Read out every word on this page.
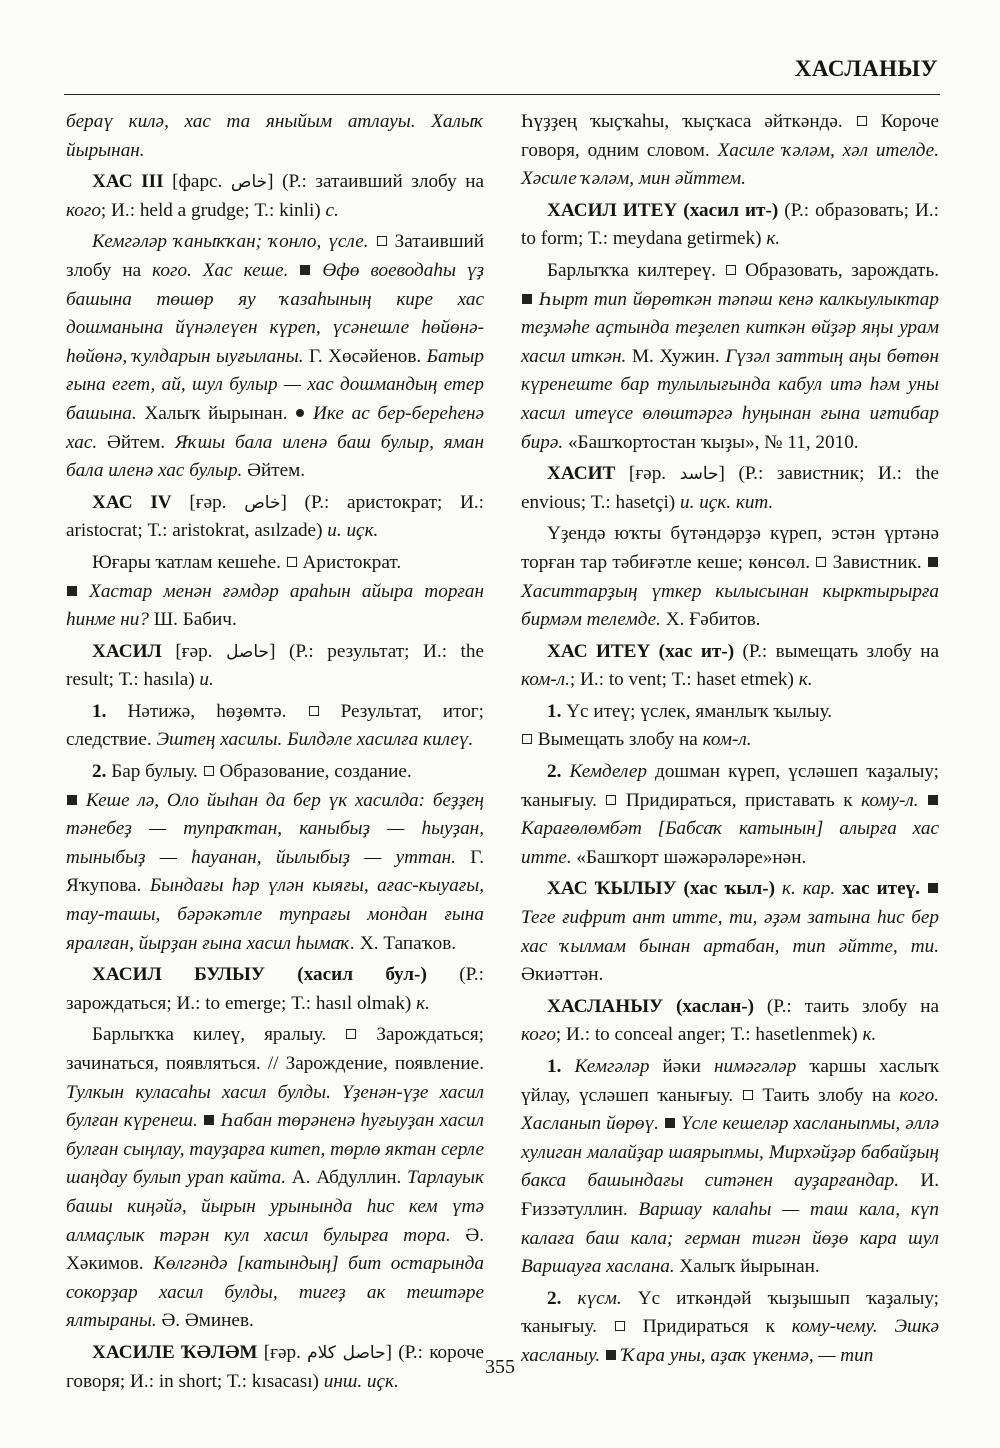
ХАСЛАНЫУ

бераү килә, хас та яныйым атлауы. Халыҡ йырынан.

ХАС III [фарс. خاص] (Р.: затаивший злобу на кого; И.: held a grudge; Т.: kinli) с.

Кемгәләр ҡаныҡҡан; ҡонло, үсле. Затаивший злобу на кого. Хас кеше. Өфө воеводаһы үҙ башына төшөр яу ҡазаһының кире хас дошманына йүнәлеүен күреп, үсәнешле һөйөнә-һөйөнә, ҡулдарын ыуғыланы. Г. Хөсәйенов. Батыр ғына егет, ай, шул булыр — хас дошмандың етер башына. Халыҡ йырынан. Ике ас бер-береһенә хас. Әйтем. Яҡшы бала иленә баш булыр, яман бала иленә хас булыр. Әйтем.

ХАС IV [ғәр. خاص] (Р.: аристократ; И.: aristocrat; Т.: aristokrat, asılzade) и. иҫк.

Юғары ҡатлам кешеһе. Аристократ.
Хастар менән ғәмдәр араһын айыра торған һинме ни? Ш. Бабич.

ХАСИЛ [ғәр. حاصل] (Р.: результат; И.: the result; Т.: hasıla) и.

1. Нәтижә, һөҙөмтә.	Результат, итог; следствие. Эштең хасилы. Билдәле хасилға килеү.

2. Бар булыу. Образование, создание.
Кеше лә, Оло йыһан да бер үк хасилда: беҙҙең тәнебеҙ — тупраҡтан, каныбыҙ — һыуҙан, тыныбыҙ — һауанан, йылыбыҙ — уттан. Г. Яҡупова. Бындағы һәр үлән кыяғы, ағас-кыуағы, тау-ташы, бәрәкәтле тупрағы мондан ғына яралған, йырҙан ғына хасил һымаҡ. Х. Тапаҡов.

ХАСИЛ БУЛЫУ (хасил бул-) (Р.: зарождаться; И.: to emerge; Т.: hasıl olmak) к.

Барлыҡҡа килеү, яралыу.	Зарождаться; зачинаться, появляться. // Зарождение, появление. Тулкын куласаһы хасил булды. Үҙенән-үҙе хасил булған күренеш. Һабан төрәненә һуғыуҙан хасил булған сыңлау, тауҙарға китеп, төрлө яктан серле шаңдау булып урап кайта. А. Абдуллин. Тарлауык башы киңәйә, йырын урынында һис кем үтә алмаҫлык тәрән кул хасил булырға тора. Ә. Хәкимов. Көлгәндә [катындың] бит остарында сокорҙар хасил булды, тигеҙ ак тештәре ялтыраны. Ә. Әминев.

ХАСИЛЕ ҠӘЛӘМ [ғәр. حاصل كلام] (Р.: короче говоря; И.: in short; Т.: kısacası) инш. иҫк.

Һүҙҙең ҡыҫҡаһы, ҡыҫҡаса әйткәндә. Короче говоря, одним словом. Хасиле ҡәләм, хәл ителде. Хәсиле ҡәләм, мин әйттем.

ХАСИЛ ИТЕҮ (хасил ит-) (Р.: образовать; И.: to form; Т.: meydana getirmek) к.

Барлыҡҡа килтереү. Образовать, зарождать.  Һырт тип йөрөткән тәпәш кенә калкыулыктар теҙмәһе аҫтында теҙелеп киткән өйҙәр яңы урам хасил иткән. М. Хужин. Гүзәл заттың аңы бөтөн күренеште бар тулылығында кабул итә һәм уны хасил итеүсе өлөштәргә һуңынан ғына иғтибар бирә. «Башҡортостан ҡыҙы», № 11, 2010.

ХАСИТ [ғәр. حاسد] (Р.: завистник; И.: the envious; Т.: hasetçi) и. иҫк. кит.

Үҙендә юҡты бүтәндәрҙә күреп, эстән үртәнә торған тар тәбиғәтле кеше; көнсөл. Завистник.  Хаситтарҙың үткер кылысынан кырктырырға бирмәм телемде. Х. Ғәбитов.

ХАС ИТЕҮ (хас ит-) (Р.: вымещать злобу на ком-л.; И.: to vent; Т.: haset etmek) к.

1. Үс итеү; үслек, яманлыҡ ҡылыу.
Вымещать злобу на ком-л.

2. Кемделер дошман күреп, үсләшеп ҡаҙалыу; ҡанығыу. Придираться, приставать к кому-л.  Карағөлөмбәт [Бабсаҡ катынын] алырға хас итте. «Башҡорт шәжәрәләре»нән.

ХАС ҠЫЛЫУ (хас ҡыл-) к. кар. хас итеү.  Теге ғифрит ант итте, ти, әҙәм затына һис бер хас ҡылмам бынан артабан, тип әйтте, ти. Әкиәттән.

ХАСЛАНЫУ (хаслан-) (Р.: таить злобу на кого; И.: to conceal anger; Т.: hasetlenmek) к.

1. Кемгәләр йәки нимәгәләр ҡаршы хаслыҡ үйлау, үсләшеп ҡанығыу. Таить злобу на кого. Хасланып йөрөү. Үсле кешеләр хасланыпмы, әллә хулиган малайҙар шаярыпмы, Мирхәйҙәр бабайҙың бакса башындағы ситәнен ауҙарғандар. И. Ғиззәтуллин. Варшау калаһы — таш кала, күп калаға баш кала; герман тигән йөҙө кара шул Варшауға хаслана. Халыҡ йырынан.

2. күсм. Үс иткәндәй ҡыҙышып ҡаҙалыу; ҡанығыу. Придираться к кому-чему. Эшкә хасланыу. Ҡара уны, аҙаҡ үкенмә, — тип

355
